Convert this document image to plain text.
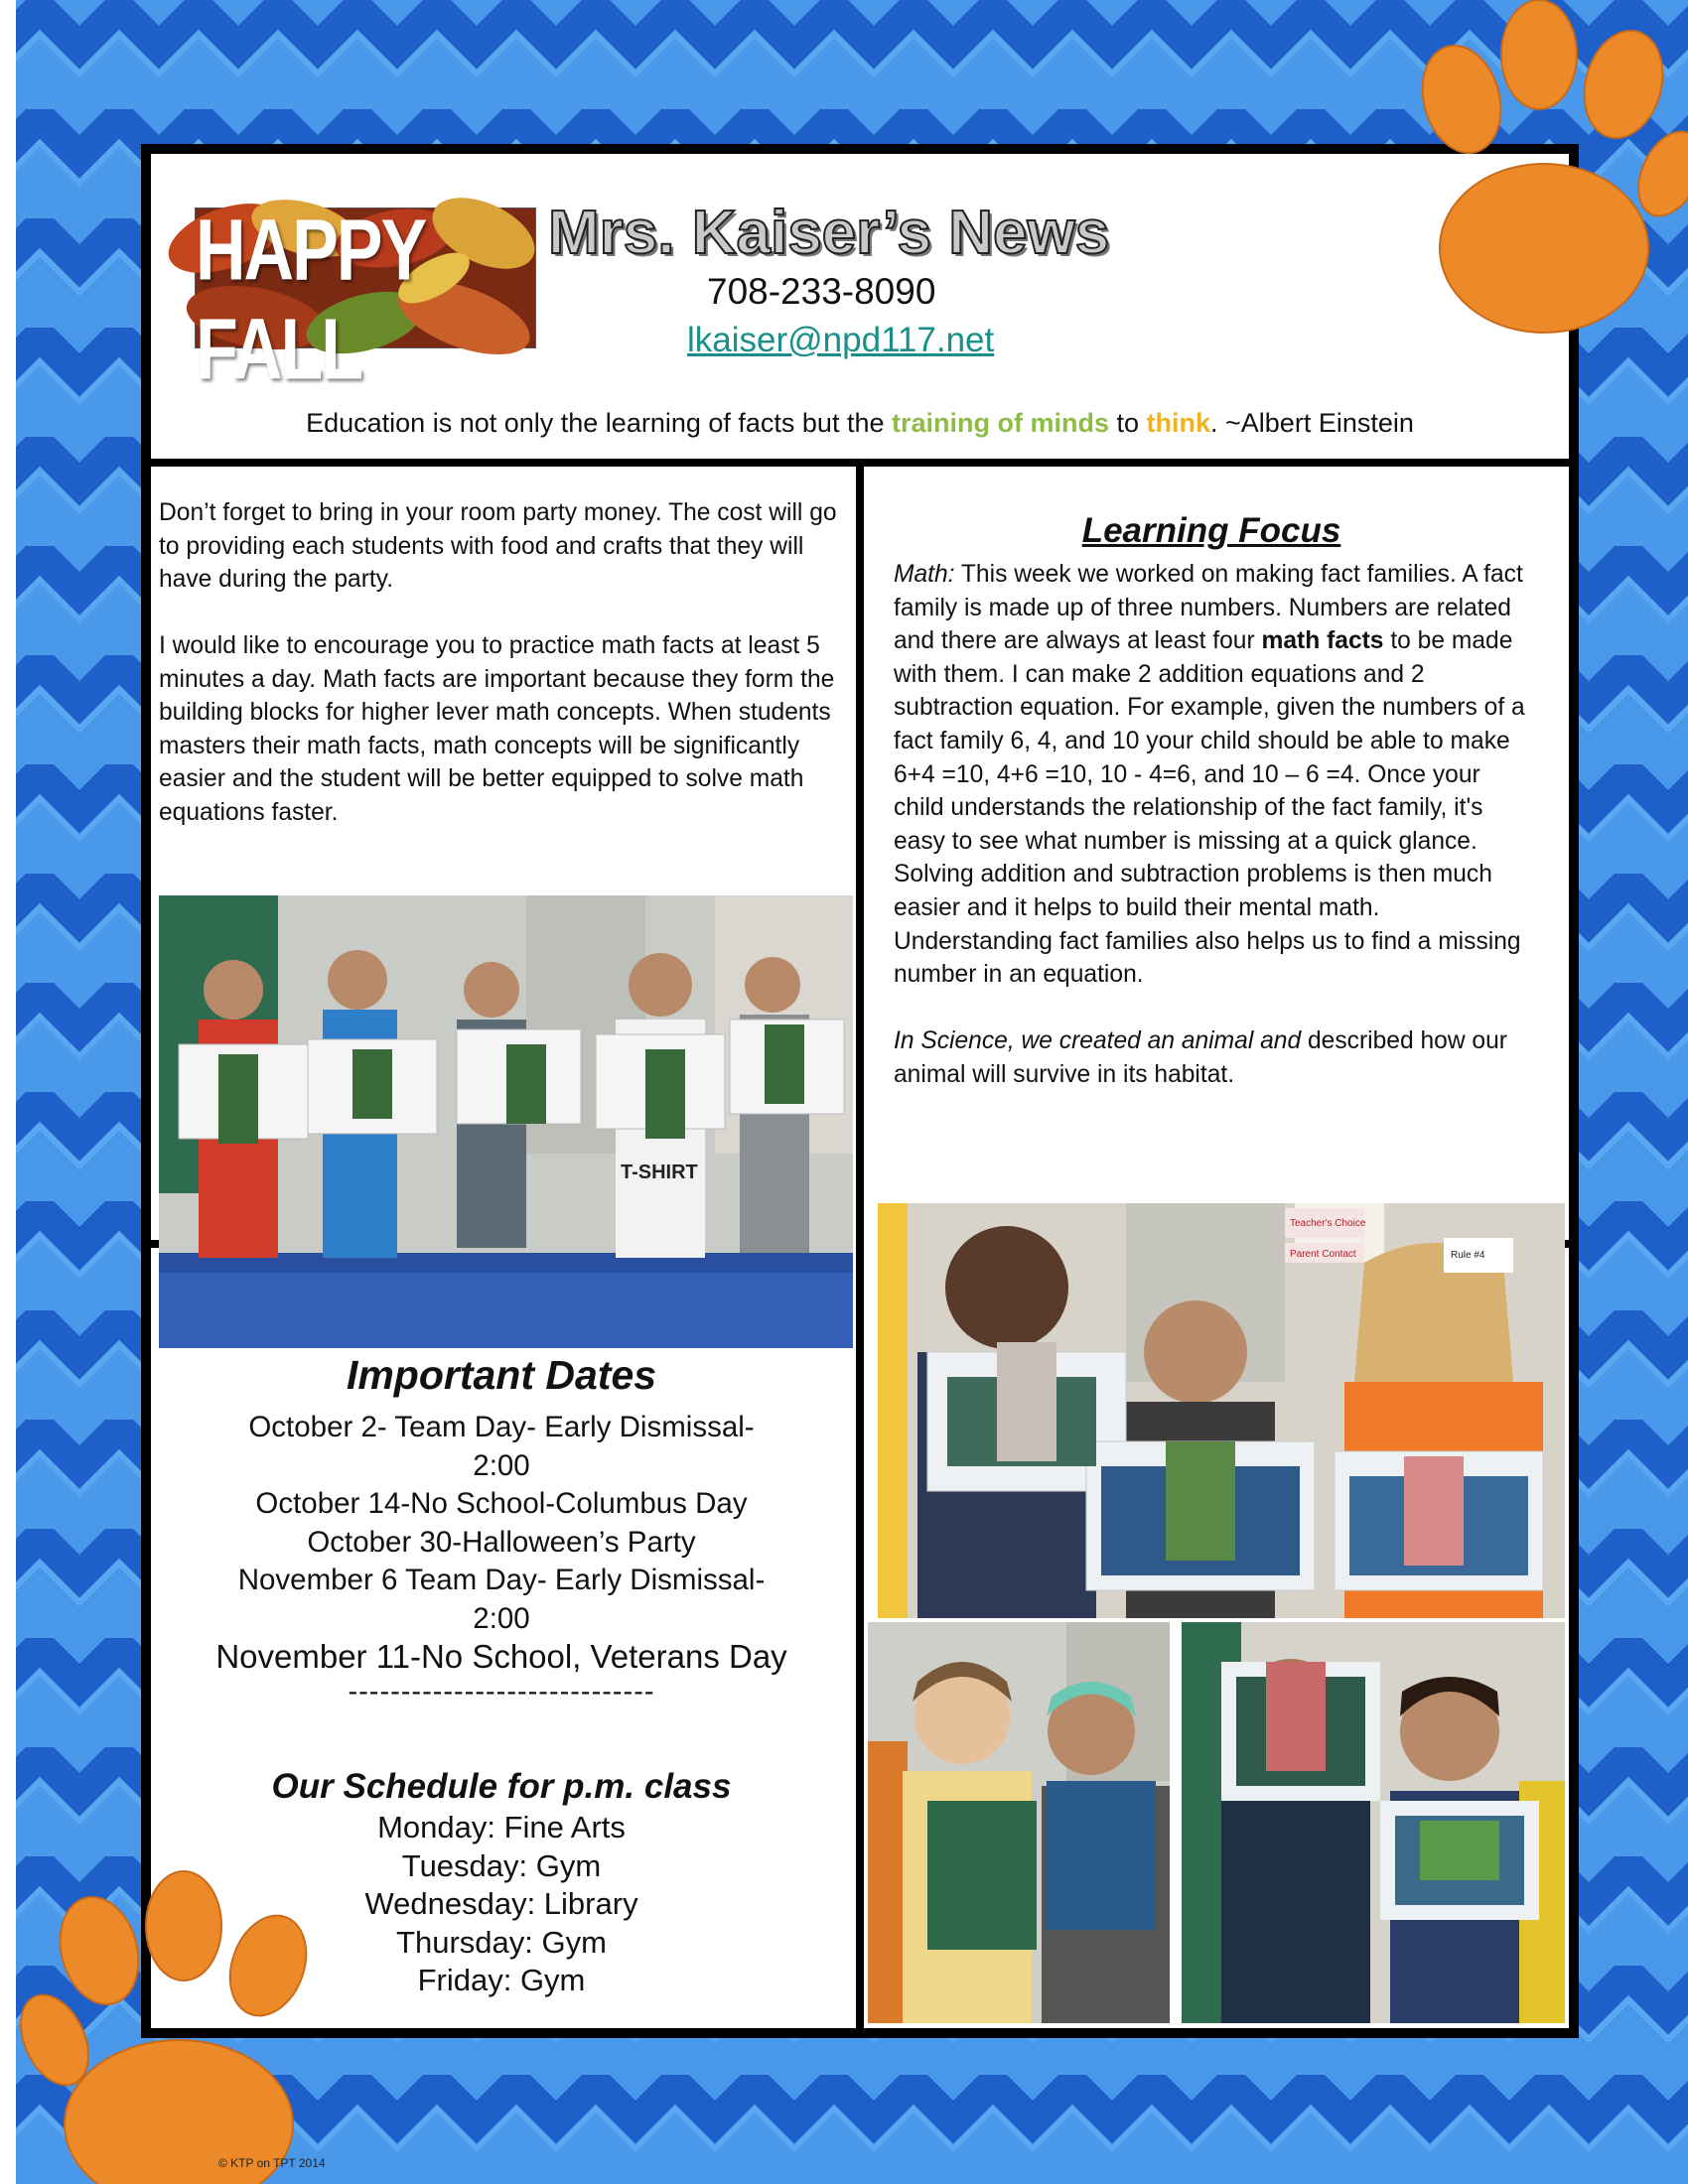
HAPPY FALL
Mrs. Kaiser’s News
708-233-8090
lkaiser@npd117.net
Education is not only the learning of facts but the training of minds to think. ~Albert Einstein

Don’t forget to bring in your room party money. The cost will go to providing each students with food and crafts that they will have during the party.

I would like to encourage you to practice math facts at least 5 minutes a day. Math facts are important because they form the building blocks for higher lever math concepts. When students masters their math facts, math concepts will be significantly easier and the student will be better equipped to solve math equations faster.

T-SHIRT
Important Dates
October 2- Team Day- Early Dismissal-
2:00
October 14-No School-Columbus Day
October 30-Halloween’s Party
November 6 Team Day- Early Dismissal-
2:00
November 11-No School, Veterans Day
-----------------------------
Our Schedule for p.m. class
Monday: Fine Arts
Tuesday: Gym
Wednesday: Library
Thursday: Gym
Friday: Gym
Learning Focus

Math: This week we worked on making fact families. A fact family is made up of three numbers. Numbers are related and there are always at least four math facts to be made with them. I can make 2 addition equations and 2 subtraction equation. For example, given the numbers of a fact family 6, 4, and 10 your child should be able to make 6+4 =10, 4+6 =10, 10 - 4=6, and 10 – 6 =4. Once your child understands the relationship of the fact family, it's easy to see what number is missing at a quick glance. Solving addition and subtraction problems is then much easier and it helps to build their mental math. Understanding fact families also helps us to find a missing number in an equation.

In Science, we created an animal and described how our animal will survive in its habitat.

Teacher's Choice
Parent Contact	Rule #4
© KTP on TPT 2014
